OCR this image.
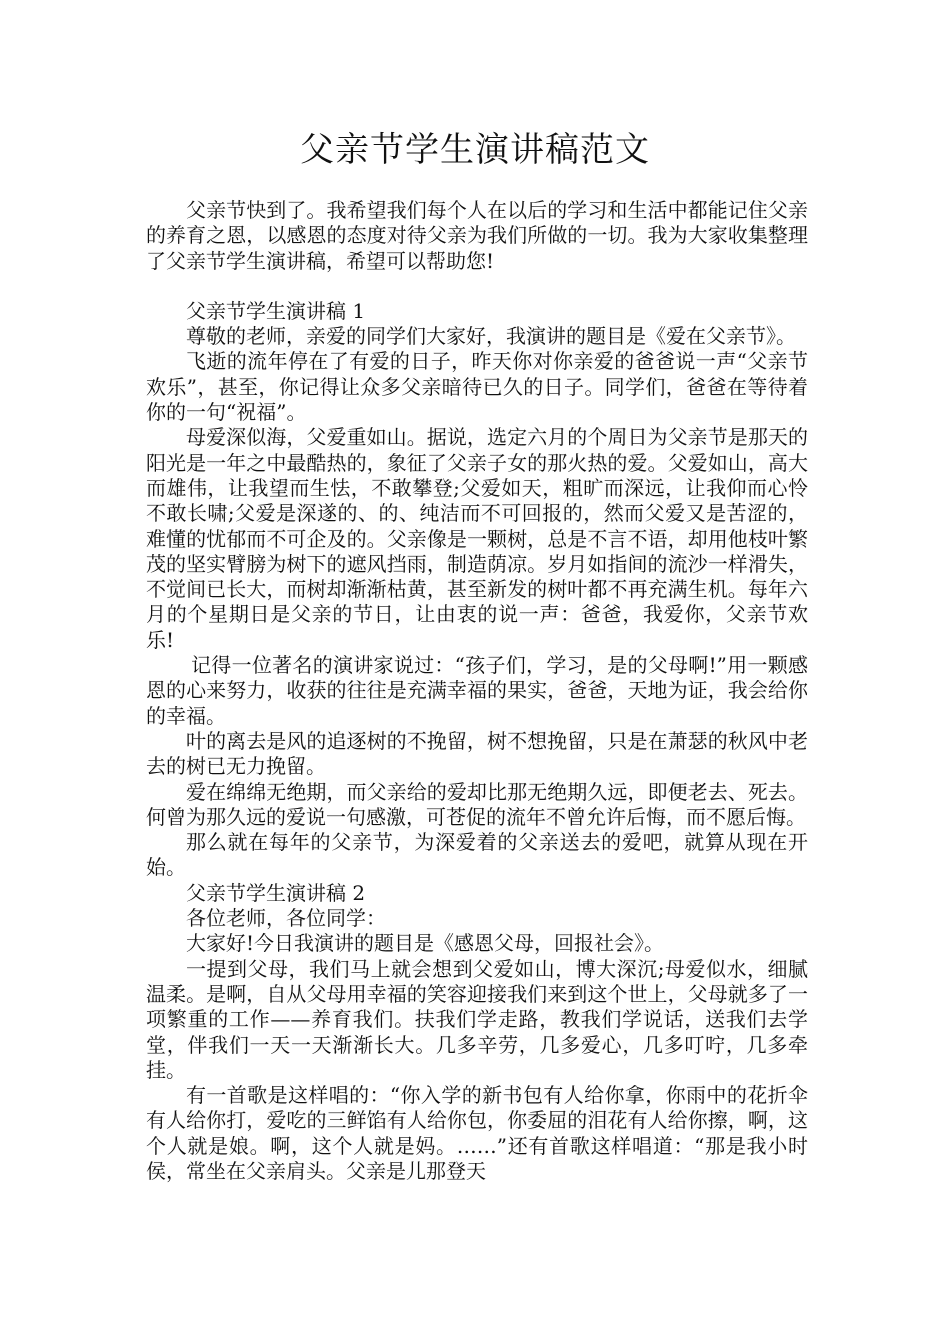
父亲节学生演讲稿范文

父亲节快到了。我希望我们每个人在以后的学习和生活中都能记住父亲的养育之恩，以感恩的态度对待父亲为我们所做的一切。我为大家收集整理了父亲节学生演讲稿，希望可以帮助您!

父亲节学生演讲稿 1

尊敬的老师，亲爱的同学们大家好，我演讲的题目是《爱在父亲节》。

飞逝的流年停在了有爱的日子，昨天你对你亲爱的爸爸说一声“父亲节欢乐”，甚至，你记得让众多父亲暗待已久的日子。同学们，爸爸在等待着你的一句“祝福”。

母爱深似海，父爱重如山。据说，选定六月的个周日为父亲节是那天的阳光是一年之中最酷热的，象征了父亲子女的那火热的爱。父爱如山，高大而雄伟，让我望而生怯，不敢攀登;父爱如天，粗旷而深远，让我仰而心怜不敢长啸;父爱是深遂的、的、纯洁而不可回报的，然而父爱又是苦涩的，难懂的忧郁而不可企及的。父亲像是一颗树，总是不言不语，却用他枝叶繁茂的坚实臂膀为树下的遮风挡雨，制造荫凉。岁月如指间的流沙一样滑失，不觉间已长大，而树却渐渐枯黄，甚至新发的树叶都不再充满生机。每年六月的个星期日是父亲的节日，让由衷的说一声：爸爸，我爱你，父亲节欢乐!

记得一位著名的演讲家说过：“孩子们，学习，是的父母啊!”用一颗感恩的心来努力，收获的往往是充满幸福的果实，爸爸，天地为证，我会给你的幸福。

叶的离去是风的追逐树的不挽留，树不想挽留，只是在萧瑟的秋风中老去的树已无力挽留。

爱在绵绵无绝期，而父亲给的爱却比那无绝期久远，即便老去、死去。何曾为那久远的爱说一句感激，可苍促的流年不曾允许后悔，而不愿后悔。

那么就在每年的父亲节，为深爱着的父亲送去的爱吧，就算从现在开始。

父亲节学生演讲稿 2

各位老师，各位同学：

大家好!今日我演讲的题目是《感恩父母，回报社会》。

一提到父母，我们马上就会想到父爱如山，博大深沉;母爱似水，细腻温柔。是啊，自从父母用幸福的笑容迎接我们来到这个世上，父母就多了一项繁重的工作——养育我们。扶我们学走路，教我们学说话，送我们去学堂，伴我们一天一天渐渐长大。几多辛劳，几多爱心，几多叮咛，几多牵挂。

有一首歌是这样唱的：“你入学的新书包有人给你拿，你雨中的花折伞有人给你打，爱吃的三鲜馅有人给你包，你委屈的泪花有人给你擦，啊，这个人就是娘。啊，这个人就是妈。……”还有首歌这样唱道：“那是我小时侯，常坐在父亲肩头。父亲是儿那登天
